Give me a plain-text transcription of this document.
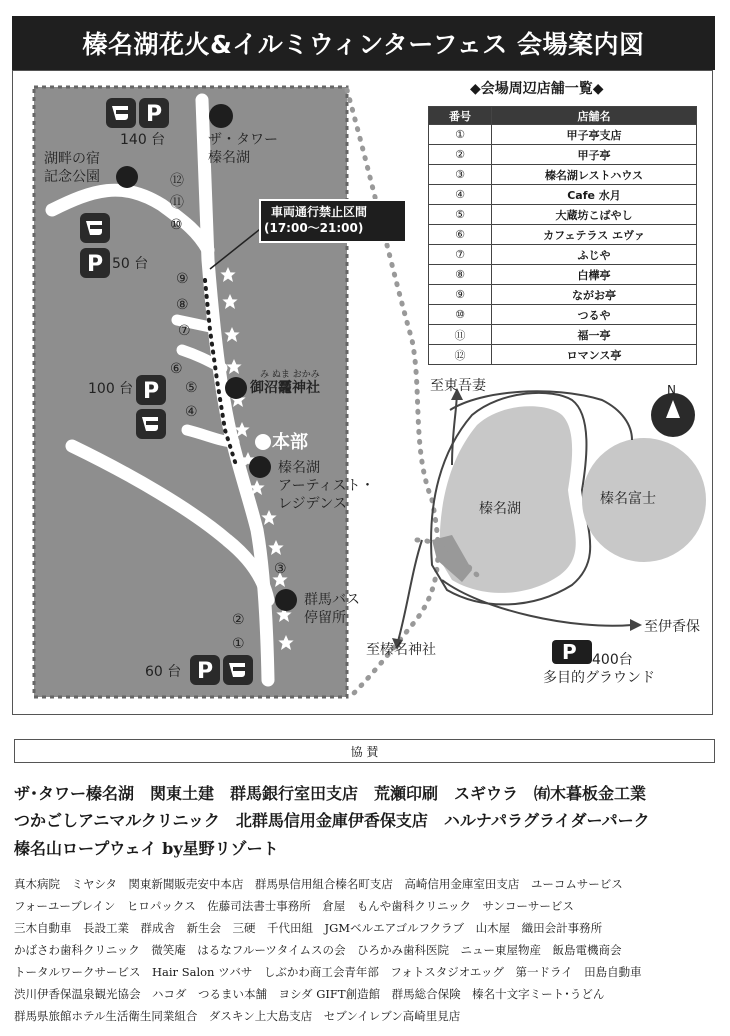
榛名湖花火&イルミウィンターフェス 会場案内図
P
P
P
P
140 台	ザ・タワー
榛名湖
湖畔の宿
記念公園
50 台
100 台
60 台
み ぬま おかみ
御沼龗神社
本部
榛名湖
アーティスト・
レジデンス
群馬バス
停留所
車両通行禁止区間
(17:00～21:00)
⑫
⑪
⑩
⑨
⑧
⑦
⑥
⑤
④
③
②
①
至東吾妻
榛名湖
榛名富士
至伊香保
至榛名神社
400台
多目的グラウンド
P
N
◆会場周辺店舗一覧◆
番号	店舗名
①	甲子亭支店
②	甲子亭
③	榛名湖レストハウス
④	Cafe 水月
⑤	大蔵坊こばやし
⑥	カフェテラス エヴァ
⑦	ふじや
⑧	白樺亭
⑨	ながお亭
⑩	つるや
⑪	福一亭
⑫	ロマンス亭
協 賛
ザ･タワー榛名湖　関東土建　群馬銀行室田支店　荒瀬印刷　スギウラ　㈲木暮板金工業
つかごしアニマルクリニック　北群馬信用金庫伊香保支店　ハルナパラグライダーパーク
榛名山ロープウェイ by星野リゾート
真木病院　ミヤシタ　関東新聞販売安中本店　群馬県信用組合榛名町支店　高崎信用金庫室田支店　ユーコムサービス
フォーユーブレイン　ヒロパックス　佐藤司法書士事務所　倉屋　もんや歯科クリニック　サンコーサービス
三木自動車　長設工業　群成舎　新生会　三硬　千代田組　JGMベルエアゴルフクラブ　山木屋　織田会計事務所
かばさわ歯科クリニック　微笑庵　はるなフルーツタイムスの会　ひろかみ歯科医院　ニュー東屋物産　飯島電機商会
トータルワークサービス　Hair Salon ツバサ　しぶかわ商工会青年部　フォトスタジオエッグ　第一ドライ　田島自動車
渋川伊香保温泉観光協会　ハコダ　つるまい本舗　ヨシダ GIFT創造館　群馬総合保険　榛名十文字ミート･うどん
群馬県旅館ホテル生活衛生同業組合　ダスキン上大島支店　セブンイレブン高崎里見店
